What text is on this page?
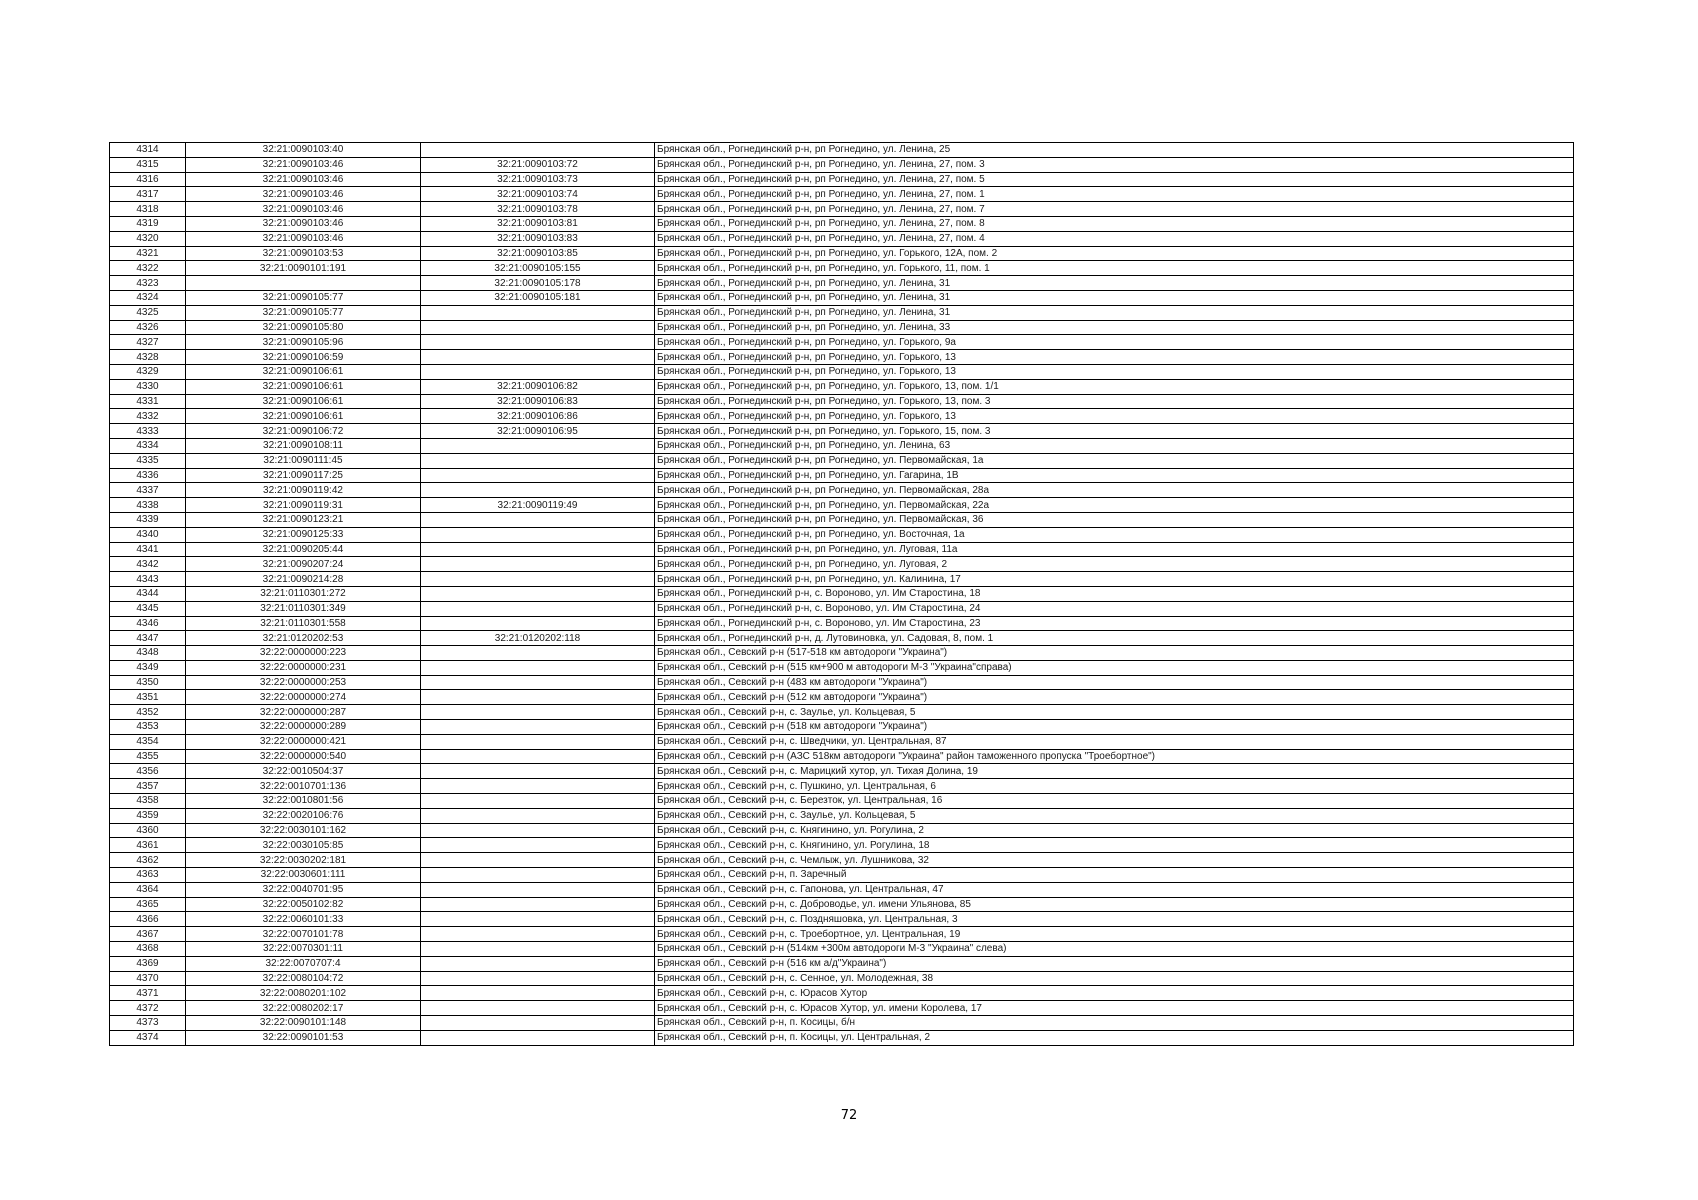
4314	32:21:0090103:40		Брянская обл., Рогнединский р-н, рп Рогнедино, ул. Ленина, 25
4315	32:21:0090103:46	32:21:0090103:72	Брянская обл., Рогнединский р-н, рп Рогнедино, ул. Ленина, 27, пом. 3
4316	32:21:0090103:46	32:21:0090103:73	Брянская обл., Рогнединский р-н, рп Рогнедино, ул. Ленина, 27, пом. 5
4317	32:21:0090103:46	32:21:0090103:74	Брянская обл., Рогнединский р-н, рп Рогнедино, ул. Ленина, 27, пом. 1
4318	32:21:0090103:46	32:21:0090103:78	Брянская обл., Рогнединский р-н, рп Рогнедино, ул. Ленина, 27, пом. 7
4319	32:21:0090103:46	32:21:0090103:81	Брянская обл., Рогнединский р-н, рп Рогнедино, ул. Ленина, 27, пом. 8
4320	32:21:0090103:46	32:21:0090103:83	Брянская обл., Рогнединский р-н, рп Рогнедино, ул. Ленина, 27, пом. 4
4321	32:21:0090103:53	32:21:0090103:85	Брянская обл., Рогнединский р-н, рп Рогнедино, ул. Горького, 12А, пом. 2
4322	32:21:0090101:191	32:21:0090105:155	Брянская обл., Рогнединский р-н, рп Рогнедино, ул. Горького, 11, пом. 1
4323		32:21:0090105:178	Брянская обл., Рогнединский р-н, рп Рогнедино, ул. Ленина, 31
4324	32:21:0090105:77	32:21:0090105:181	Брянская обл., Рогнединский р-н, рп Рогнедино, ул. Ленина, 31
4325	32:21:0090105:77		Брянская обл., Рогнединский р-н, рп Рогнедино, ул. Ленина, 31
4326	32:21:0090105:80		Брянская обл., Рогнединский р-н, рп Рогнедино, ул. Ленина, 33
4327	32:21:0090105:96		Брянская обл., Рогнединский р-н, рп Рогнедино, ул. Горького, 9а
4328	32:21:0090106:59		Брянская обл., Рогнединский р-н, рп Рогнедино, ул. Горького, 13
4329	32:21:0090106:61		Брянская обл., Рогнединский р-н, рп Рогнедино, ул. Горького, 13
4330	32:21:0090106:61	32:21:0090106:82	Брянская обл., Рогнединский р-н, рп Рогнедино, ул. Горького, 13, пом. 1/1
4331	32:21:0090106:61	32:21:0090106:83	Брянская обл., Рогнединский р-н, рп Рогнедино, ул. Горького, 13, пом. 3
4332	32:21:0090106:61	32:21:0090106:86	Брянская обл., Рогнединский р-н, рп Рогнедино, ул. Горького, 13
4333	32:21:0090106:72	32:21:0090106:95	Брянская обл., Рогнединский р-н, рп Рогнедино, ул. Горького, 15, пом. 3
4334	32:21:0090108:11		Брянская обл., Рогнединский р-н, рп Рогнедино, ул. Ленина, 63
4335	32:21:0090111:45		Брянская обл., Рогнединский р-н, рп Рогнедино, ул. Первомайская, 1а
4336	32:21:0090117:25		Брянская обл., Рогнединский р-н, рп Рогнедино, ул. Гагарина, 1В
4337	32:21:0090119:42		Брянская обл., Рогнединский р-н, рп Рогнедино, ул. Первомайская, 28а
4338	32:21:0090119:31	32:21:0090119:49	Брянская обл., Рогнединский р-н, рп Рогнедино, ул. Первомайская, 22а
4339	32:21:0090123:21		Брянская обл., Рогнединский р-н, рп Рогнедино, ул. Первомайская, 36
4340	32:21:0090125:33		Брянская обл., Рогнединский р-н, рп Рогнедино, ул. Восточная, 1а
4341	32:21:0090205:44		Брянская обл., Рогнединский р-н, рп Рогнедино, ул. Луговая, 11а
4342	32:21:0090207:24		Брянская обл., Рогнединский р-н, рп Рогнедино, ул. Луговая, 2
4343	32:21:0090214:28		Брянская обл., Рогнединский р-н, рп Рогнедино, ул. Калинина, 17
4344	32:21:0110301:272		Брянская обл., Рогнединский р-н, с. Вороново, ул. Им Старостина, 18
4345	32:21:0110301:349		Брянская обл., Рогнединский р-н, с. Вороново, ул. Им Старостина, 24
4346	32:21:0110301:558		Брянская обл., Рогнединский р-н, с. Вороново, ул. Им Старостина, 23
4347	32:21:0120202:53	32:21:0120202:118	Брянская обл., Рогнединский р-н, д. Лутовиновка, ул. Садовая, 8, пом. 1
4348	32:22:0000000:223		Брянская обл., Севский р-н (517-518 км автодороги "Украина")
4349	32:22:0000000:231		Брянская обл., Севский р-н (515 км+900 м автодороги М-3 "Украина"справа)
4350	32:22:0000000:253		Брянская обл., Севский р-н (483 км автодороги "Украина")
4351	32:22:0000000:274		Брянская обл., Севский р-н (512 км автодороги "Украина")
4352	32:22:0000000:287		Брянская обл., Севский р-н, с. Заулье, ул. Кольцевая, 5
4353	32:22:0000000:289		Брянская обл., Севский р-н (518 км автодороги "Украина")
4354	32:22:0000000:421		Брянская обл., Севский р-н, с. Шведчики, ул. Центральная, 87
4355	32:22:0000000:540		Брянская обл., Севский р-н (АЗС 518км автодороги "Украина" район таможенного пропуска "Троебортное")
4356	32:22:0010504:37		Брянская обл., Севский р-н, с. Марицкий хутор, ул. Тихая Долина, 19
4357	32:22:0010701:136		Брянская обл., Севский р-н, с. Пушкино, ул. Центральная, 6
4358	32:22:0010801:56		Брянская обл., Севский р-н, с. Березток, ул. Центральная, 16
4359	32:22:0020106:76		Брянская обл., Севский р-н, с. Заулье, ул. Кольцевая, 5
4360	32:22:0030101:162		Брянская обл., Севский р-н, с. Княгинино, ул. Рогулина, 2
4361	32:22:0030105:85		Брянская обл., Севский р-н, с. Княгинино, ул. Рогулина, 18
4362	32:22:0030202:181		Брянская обл., Севский р-н, с. Чемлыж, ул. Лушникова, 32
4363	32:22:0030601:111		Брянская обл., Севский р-н, п. Заречный
4364	32:22:0040701:95		Брянская обл., Севский р-н, с. Гапонова, ул. Центральная, 47
4365	32:22:0050102:82		Брянская обл., Севский р-н, с. Доброводье, ул. имени Ульянова, 85
4366	32:22:0060101:33		Брянская обл., Севский р-н, с. Поздняшовка, ул. Центральная, 3
4367	32:22:0070101:78		Брянская обл., Севский р-н, с. Троебортное, ул. Центральная, 19
4368	32:22:0070301:11		Брянская обл., Севский р-н (514км +300м автодороги М-3 "Украина" слева)
4369	32:22:0070707:4		Брянская обл., Севский р-н (516 км а/д"Украина")
4370	32:22:0080104:72		Брянская обл., Севский р-н, с. Сенное, ул. Молодежная, 38
4371	32:22:0080201:102		Брянская обл., Севский р-н, с. Юрасов Хутор
4372	32:22:0080202:17		Брянская обл., Севский р-н, с. Юрасов Хутор, ул. имени Королева, 17
4373	32:22:0090101:148		Брянская обл., Севский р-н, п. Косицы, б/н
4374	32:22:0090101:53		Брянская обл., Севский р-н, п. Косицы, ул. Центральная, 2
72
